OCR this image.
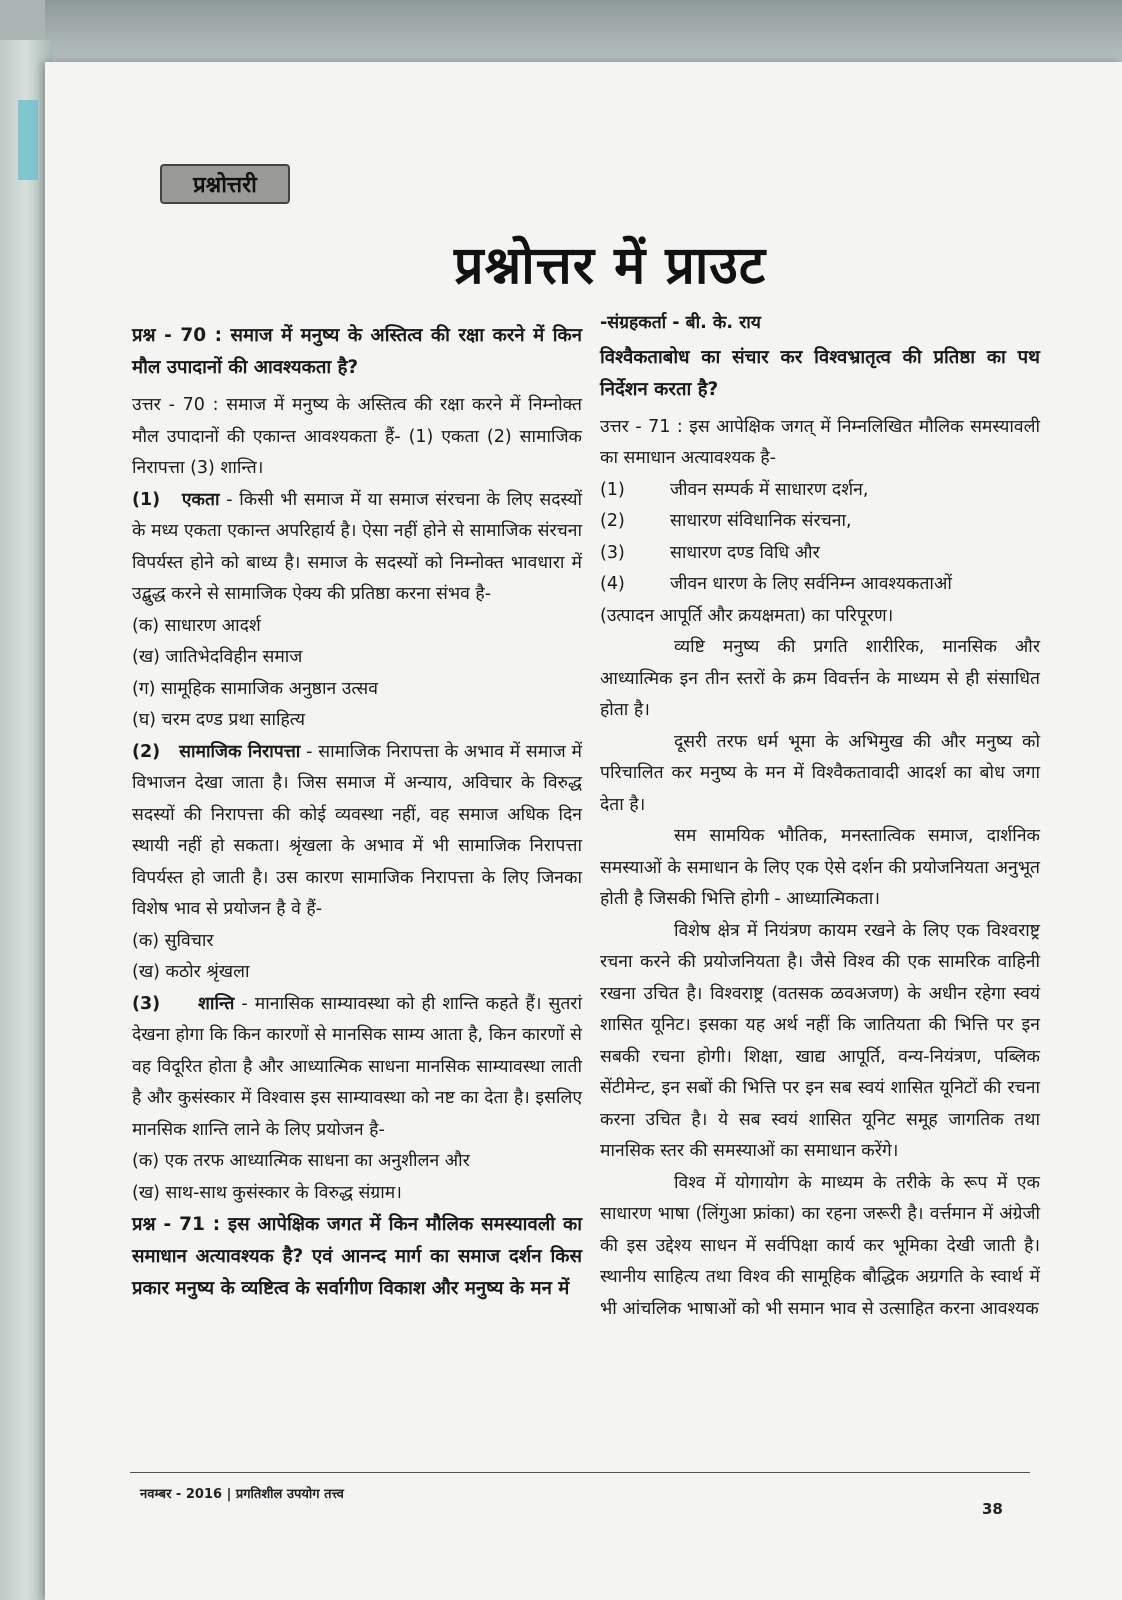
प्रश्नोत्तरी
प्रश्नोत्तर में प्राउट

प्रश्न - 70 : समाज में मनुष्य के अस्तित्व की रक्षा करने में किन मौल उपादानों की आवश्यकता है?

उत्तर - 70 : समाज में मनुष्य के अस्तित्व की रक्षा करने में निम्नोक्त मौल उपादानों की एकान्त आवश्यकता हैं- (1) एकता (2) सामाजिक निरापत्ता (3) शान्ति।

(1)   एकता - किसी भी समाज में या समाज संरचना के लिए सदस्यों के मध्य एकता एकान्त अपरिहार्य है। ऐसा नहीं होने से सामाजिक संरचना विपर्यस्त होने को बाध्य है। समाज के सदस्यों को निम्नोक्त भावधारा में उद्बुद्ध करने से सामाजिक ऐक्य की प्रतिष्ठा करना संभव है-

(क) साधारण आदर्श

(ख) जातिभेदविहीन समाज

(ग) सामूहिक सामाजिक अनुष्ठान उत्सव

(घ) चरम दण्ड प्रथा साहित्य

(2)   सामाजिक निरापत्ता - सामाजिक निरापत्ता के अभाव में समाज में विभाजन देखा जाता है। जिस समाज में अन्याय, अविचार के विरुद्ध सदस्यों की निरापत्ता की कोई व्यवस्था नहीं, वह समाज अधिक दिन स्थायी नहीं हो सकता। श्रृंखला के अभाव में भी सामाजिक निरापत्ता विपर्यस्त हो जाती है। उस कारण सामाजिक निरापत्ता के लिए जिनका विशेष भाव से प्रयोजन है वे हैं-

(क) सुविचार

(ख) कठोर श्रृंखला

(3)     शान्ति - मानासिक साम्यावस्था को ही शान्ति कहते हैं। सुतरां देखना होगा कि किन कारणों से मानसिक साम्य आता है, किन कारणों से वह विदूरित होता है और आध्यात्मिक साधना मानसिक साम्यावस्था लाती है और कुसंस्कार में विश्वास इस साम्यावस्था को नष्ट का देता है। इसलिए मानसिक शान्ति लाने के लिए प्रयोजन है-

(क) एक तरफ आध्यात्मिक साधना का अनुशीलन और

(ख) साथ-साथ कुसंस्कार के विरुद्ध संग्राम।

प्रश्न - 71 : इस आपेक्षिक जगत में किन मौलिक समस्यावली का समाधान अत्यावश्यक है? एवं आनन्द मार्ग का समाज दर्शन किस प्रकार मनुष्य के व्यष्टित्व के सर्वागीण विकाश और मनुष्य के मन में

-संग्रहकर्ता - बी. के. राय

विश्वैकताबोध का संचार कर विश्वभ्रातृत्व की प्रतिष्ठा का पथ निर्देशन करता है?

उत्तर - 71 : इस आपेक्षिक जगत् में निम्नलिखित मौलिक समस्यावली का समाधान अत्यावश्यक है-

(1)	जीवन सम्पर्क में साधारण दर्शन,
(2)	साधारण संविधानिक संरचना,
(3)	साधारण दण्ड विधि और
(4)	जीवन धारण के लिए सर्वनिम्न आवश्यकताओं

(उत्पादन आपूर्ति और क्रयक्षमता) का परिपूरण।

व्यष्टि मनुष्य की प्रगति शारीरिक, मानसिक और आध्यात्मिक इन तीन स्तरों के क्रम विवर्त्तन के माध्यम से ही संसाधित होता है।

दूसरी तरफ धर्म भूमा के अभिमुख की और मनुष्य को परिचालित कर मनुष्य के मन में विश्वैकतावादी आदर्श का बोध जगा देता है।

सम सामयिक भौतिक, मनस्तात्विक समाज, दार्शनिक समस्याओं के समाधान के लिए एक ऐसे दर्शन की प्रयोजनियता अनुभूत होती है जिसकी भित्ति होगी - आध्यात्मिकता।

विशेष क्षेत्र में नियंत्रण कायम रखने के लिए एक विश्वराष्ट्र रचना करने की प्रयोजनियता है। जैसे विश्व की एक सामरिक वाहिनी रखना उचित है। विश्वराष्ट्र (वतसक ळवअजण) के अधीन रहेगा स्वयं शासित यूनिट। इसका यह अर्थ नहीं कि जातियता की भित्ति पर इन सबकी रचना होगी। शिक्षा, खाद्य आपूर्ति, वन्य-नियंत्रण, पब्लिक सेंटीमेन्ट, इन सबों की भित्ति पर इन सब स्वयं शासित यूनिटों की रचना करना उचित है। ये सब स्वयं शासित यूनिट समूह जागतिक तथा मानसिक स्तर की समस्याओं का समाधान करेंगे।

विश्व में योगायोग के माध्यम के तरीके के रूप में एक साधारण भाषा (लिंगुआ फ्रांका) का रहना जरूरी है। वर्त्तमान में अंग्रेजी की इस उद्देश्य साधन में सर्वपिक्षा कार्य कर भूमिका देखी जाती है। स्थानीय साहित्य तथा विश्व की सामूहिक बौद्धिक अग्रगति के स्वार्थ में भी आंचलिक भाषाओं को भी समान भाव से उत्साहित करना आवश्यक

नवम्बर - 2016 | प्रगतिशील उपयोग तत्त्व
38
